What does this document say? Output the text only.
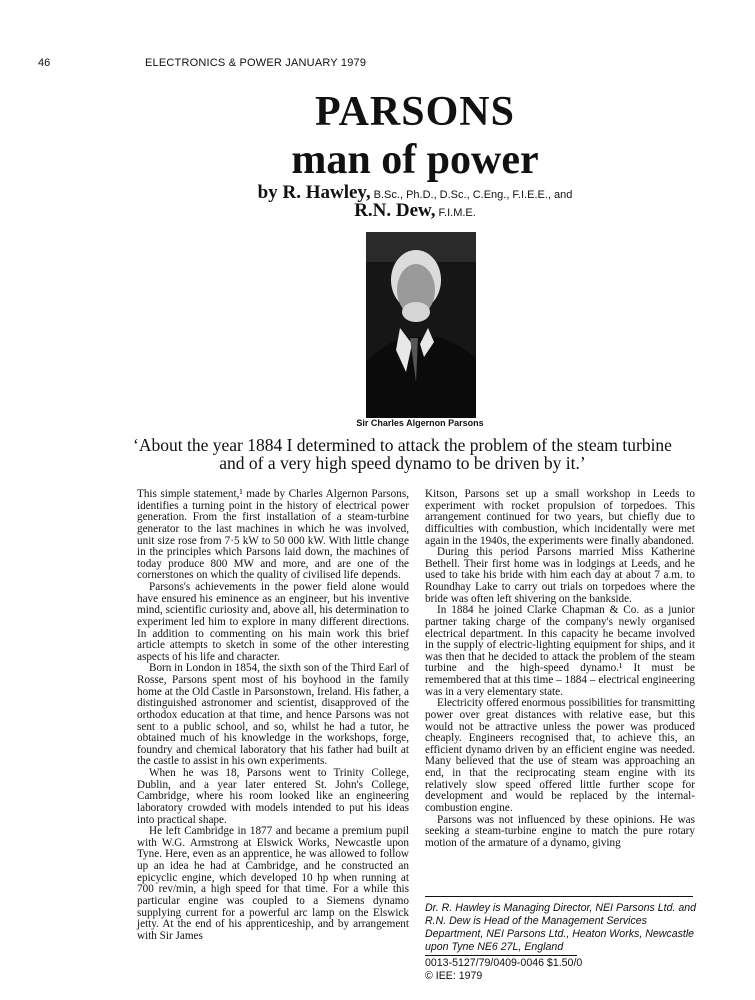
46	ELECTRONICS & POWER JANUARY 1979
PARSONS
man of power
by R. Hawley, B.Sc., Ph.D., D.Sc., C.Eng., F.I.E.E., and
R.N. Dew, F.I.M.E.
Sir Charles Algernon Parsons
‘About the year 1884 I determined to attack the problem of the steam turbine and of a very high speed dynamo to be driven by it.’

This simple statement,¹ made by Charles Algernon Parsons, identifies a turning point in the history of electrical power generation. From the first installation of a steam-turbine generator to the last machines in which he was involved, unit size rose from 7·5 kW to 50 000 kW. With little change in the principles which Parsons laid down, the machines of today produce 800 MW and more, and are one of the cornerstones on which the quality of civilised life depends.

Parsons's achievements in the power field alone would have ensured his eminence as an engineer, but his inventive mind, scientific curiosity and, above all, his determination to experiment led him to explore in many different directions. In addition to commenting on his main work this brief article attempts to sketch in some of the other interesting aspects of his life and character.

Born in London in 1854, the sixth son of the Third Earl of Rosse, Parsons spent most of his boyhood in the family home at the Old Castle in Parsonstown, Ireland. His father, a distinguished astronomer and scientist, disapproved of the orthodox education at that time, and hence Parsons was not sent to a public school, and so, whilst he had a tutor, he obtained much of his knowledge in the workshops, forge, foundry and chemical laboratory that his father had built at the castle to assist in his own experiments.

When he was 18, Parsons went to Trinity College, Dublin, and a year later entered St. John's College, Cambridge, where his room looked like an engineering laboratory crowded with models intended to put his ideas into practical shape.

He left Cambridge in 1877 and became a premium pupil with W.G. Armstrong at Elswick Works, Newcastle upon Tyne. Here, even as an apprentice, he was allowed to follow up an idea he had at Cambridge, and he constructed an epicyclic engine, which developed 10 hp when running at 700 rev/min, a high speed for that time. For a while this particular engine was coupled to a Siemens dynamo supplying current for a powerful arc lamp on the Elswick jetty. At the end of his apprenticeship, and by arrangement with Sir James

Kitson, Parsons set up a small workshop in Leeds to experiment with rocket propulsion of torpedoes. This arrangement continued for two years, but chiefly due to difficulties with combustion, which incidentally were met again in the 1940s, the experiments were finally abandoned.

During this period Parsons married Miss Katherine Bethell. Their first home was in lodgings at Leeds, and he used to take his bride with him each day at about 7 a.m. to Roundhay Lake to carry out trials on torpedoes where the bride was often left shivering on the bankside.

In 1884 he joined Clarke Chapman & Co. as a junior partner taking charge of the company's newly organised electrical department. In this capacity he became involved in the supply of electric-lighting equipment for ships, and it was then that he decided to attack the problem of the steam turbine and the high-speed dynamo.¹ It must be remembered that at this time – 1884 – electrical engineering was in a very elementary state.

Electricity offered enormous possibilities for transmitting power over great distances with relative ease, but this would not be attractive unless the power was produced cheaply. Engineers recognised that, to achieve this, an efficient dynamo driven by an efficient engine was needed. Many believed that the use of steam was approaching an end, in that the reciprocating steam engine with its relatively slow speed offered little further scope for development and would be replaced by the internal-combustion engine.

Parsons was not influenced by these opinions. He was seeking a steam-turbine engine to match the pure rotary motion of the armature of a dynamo, giving

Dr. R. Hawley is Managing Director, NEI Parsons Ltd. and R.N. Dew is Head of the Management Services Department, NEI Parsons Ltd., Heaton Works, Newcastle upon Tyne NE6 27L, England
0013-5127/79/0409-0046 $1.50/0
© IEE: 1979
